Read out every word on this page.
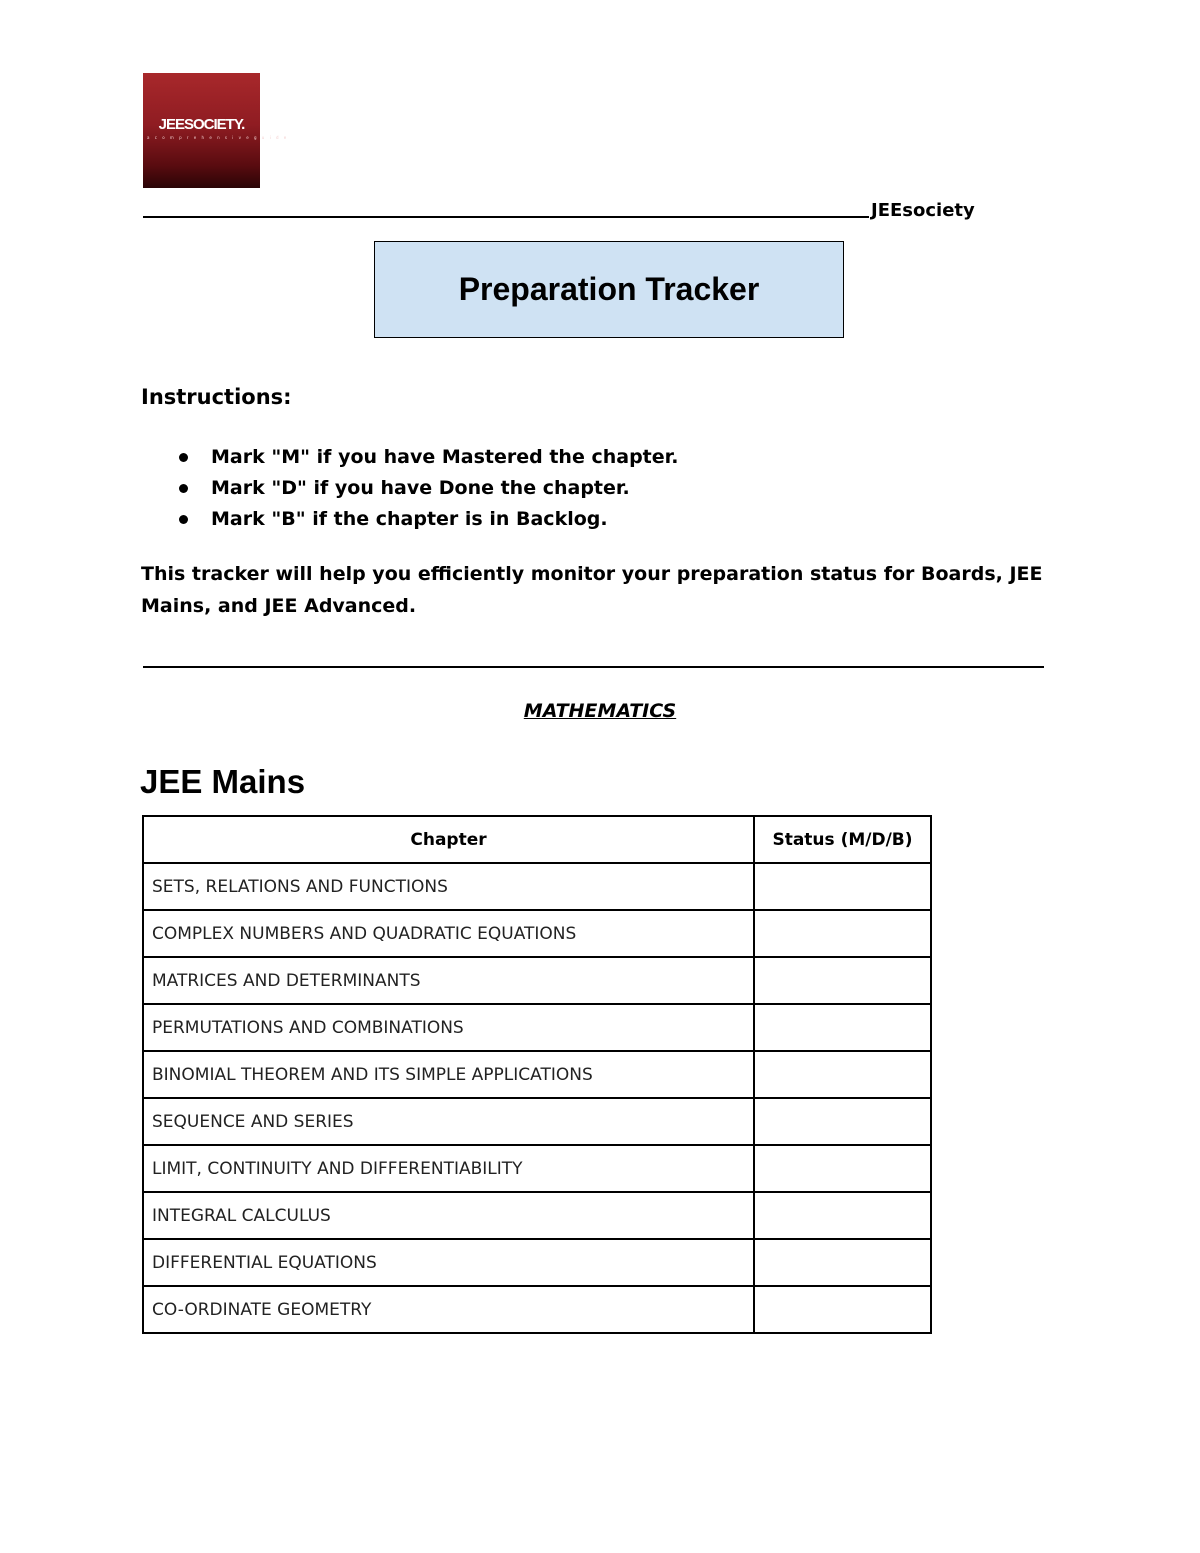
JEESOCIETY.
a c o m p r e h e n s i v e g u i d e
JEEsociety
Preparation Tracker
Instructions:
Mark "M" if you have Mastered the chapter.
Mark "D" if you have Done the chapter.
Mark "B" if the chapter is in Backlog.
This tracker will help you efficiently monitor your preparation status for Boards, JEE Mains, and JEE Advanced.
MATHEMATICS
JEE Mains
Chapter	Status (M/D/B)
SETS, RELATIONS AND FUNCTIONS	
COMPLEX NUMBERS AND QUADRATIC EQUATIONS	
MATRICES AND DETERMINANTS	
PERMUTATIONS AND COMBINATIONS	
BINOMIAL THEOREM AND ITS SIMPLE APPLICATIONS	
SEQUENCE AND SERIES	
LIMIT, CONTINUITY AND DIFFERENTIABILITY	
INTEGRAL CALCULUS	
DIFFERENTIAL EQUATIONS	
CO-ORDINATE GEOMETRY	
